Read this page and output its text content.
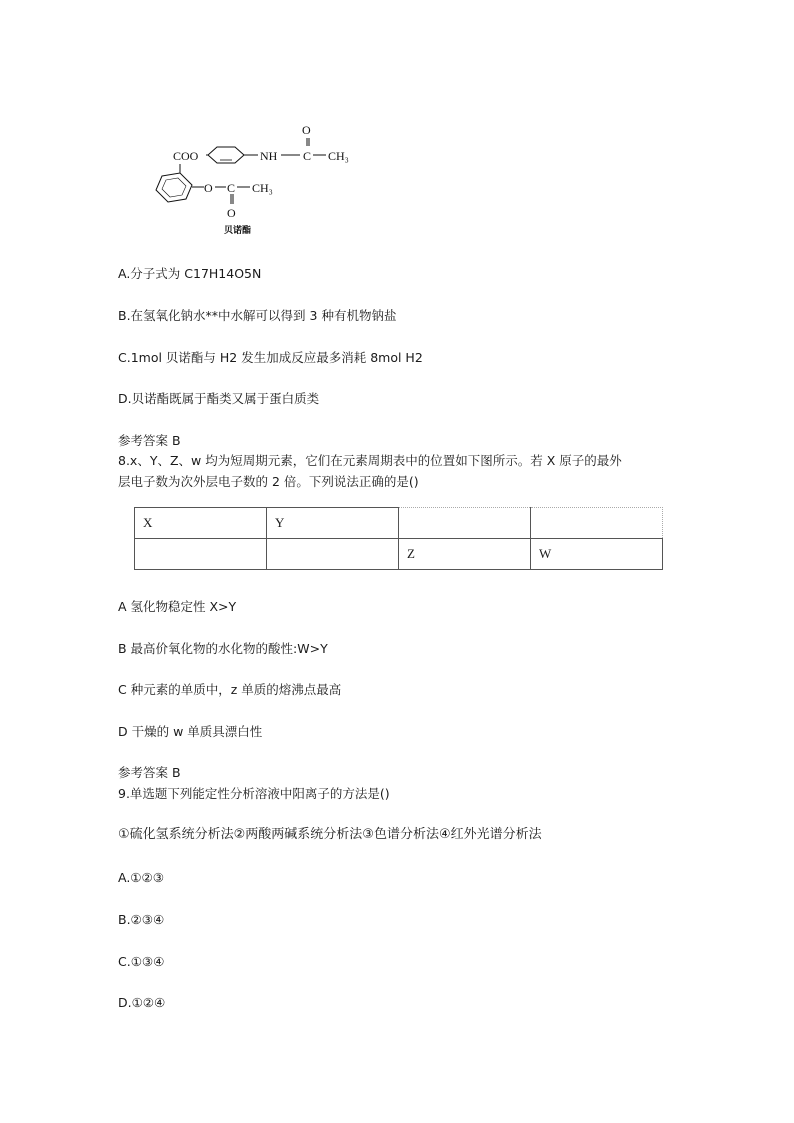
O
COO	NH C CH₃
O C CH₃
O
贝诺酯
A.分子式为 C17H14O5N
B.在氢氧化钠水**中水解可以得到 3 种有机物钠盐
C.1mol 贝诺酯与 H2 发生加成反应最多消耗 8mol H2
D.贝诺酯既属于酯类又属于蛋白质类
参考答案 B
8.x、Y、Z、w 均为短周期元素，它们在元素周期表中的位置如下图所示。若 X 原子的最外
层电子数为次外层电子数的 2 倍。下列说法正确的是()
X	Y		
		Z	W
A 氢化物稳定性 X>Y
B 最高价氧化物的水化物的酸性:W>Y
C 种元素的单质中，z 单质的熔沸点最高
D 干燥的 w 单质具漂白性
参考答案 B
9.单选题下列能定性分析溶液中阳离子的方法是()
①硫化氢系统分析法②两酸两碱系统分析法③色谱分析法④红外光谱分析法
A.①②③
B.②③④
C.①③④
D.①②④
